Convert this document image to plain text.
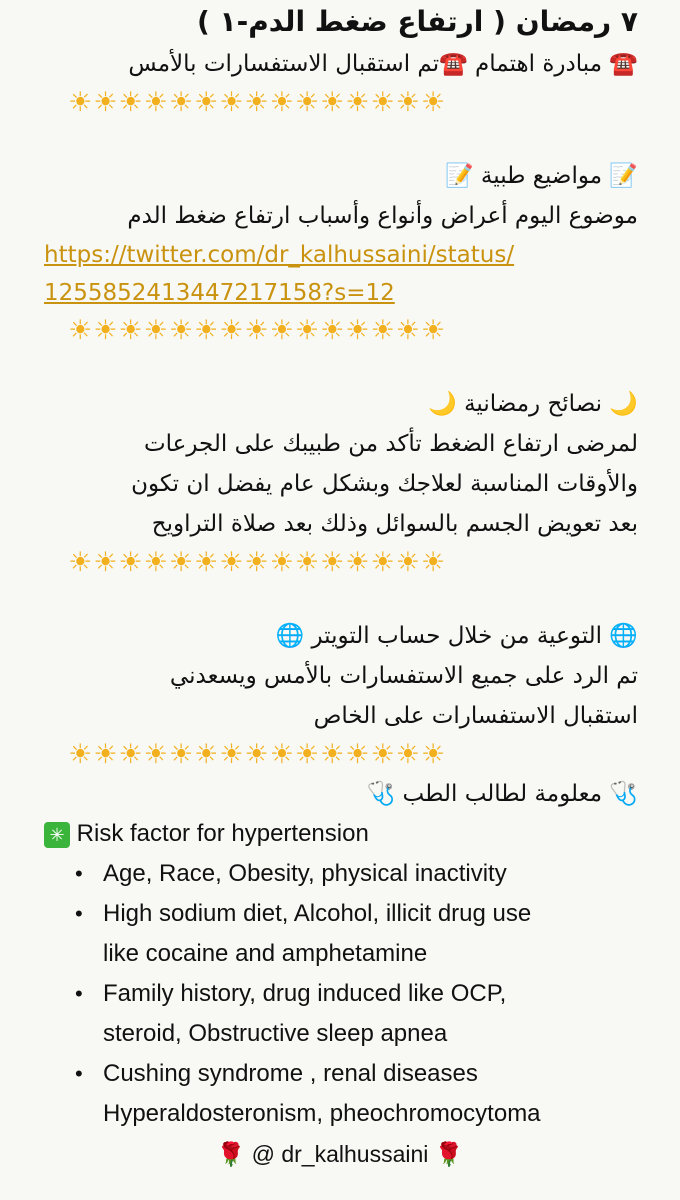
٧ رمضان ( ارتفاع ضغط الدم-١ )
☎️ مبادرة اهتمام ☎️تم استقبال الاستفسارات بالأمس
☀☀☀☀☀☀☀☀☀☀☀☀☀☀☀
📝 مواضيع طبية 📝
موضوع اليوم أعراض وأنواع وأسباب ارتفاع ضغط الدم
https://twitter.com/dr_kalhussaini/status/
1255852413447217158?s=12
☀☀☀☀☀☀☀☀☀☀☀☀☀☀☀
🌙 نصائح رمضانية 🌙
لمرضى ارتفاع الضغط تأكد من طبيبك على الجرعات
والأوقات المناسبة لعلاجك وبشكل عام يفضل ان تكون
بعد تعويض الجسم بالسوائل وذلك بعد صلاة التراويح
☀☀☀☀☀☀☀☀☀☀☀☀☀☀☀
🌐 التوعية من خلال حساب التويتر 🌐
تم الرد على جميع الاستفسارات بالأمس ويسعدني
استقبال الاستفسارات على الخاص
☀☀☀☀☀☀☀☀☀☀☀☀☀☀☀
🩺 معلومة لطالب الطب 🩺
✳ Risk factor for hypertension
• Age, Race, Obesity, physical inactivity
• High sodium diet, Alcohol, illicit drug use
like cocaine and amphetamine
• Family history, drug induced like OCP,
steroid, Obstructive sleep apnea
• Cushing syndrome , renal diseases
Hyperaldosteronism, pheochromocytoma
🌹 @ dr_kalhussaini 🌹
